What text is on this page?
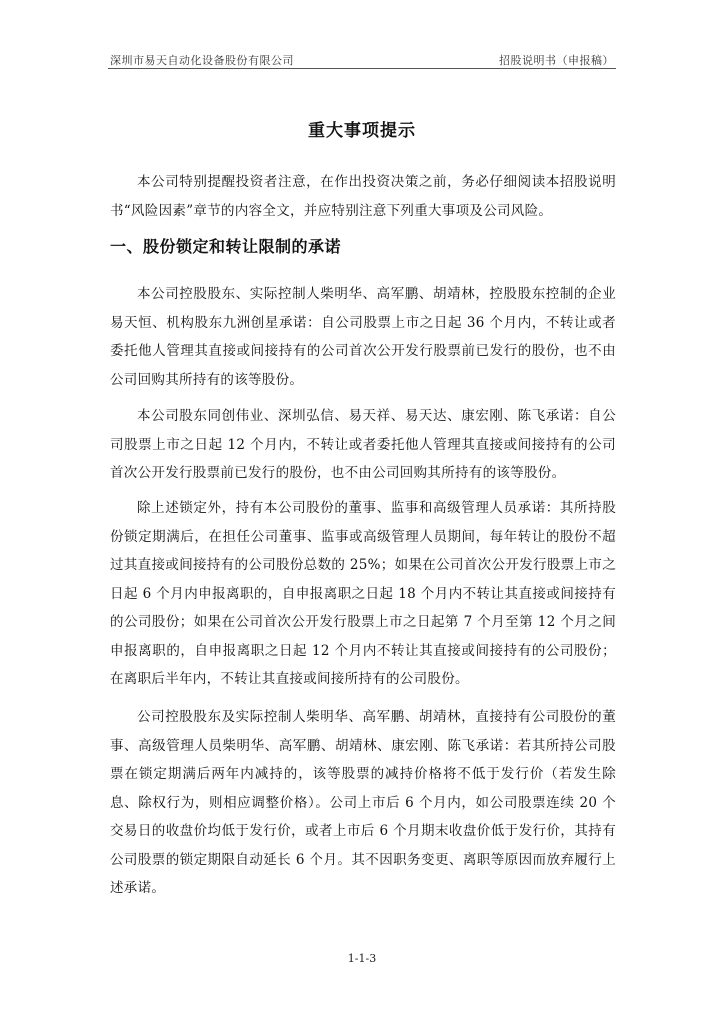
深圳市易天自动化设备股份有限公司	招股说明书（申报稿）
重大事项提示

本公司特别提醒投资者注意，在作出投资决策之前，务必仔细阅读本招股说明书“风险因素”章节的内容全文，并应特别注意下列重大事项及公司风险。

一、股份锁定和转让限制的承诺

本公司控股股东、实际控制人柴明华、高军鹏、胡靖林，控股股东控制的企业易天恒、机构股东九洲创星承诺：自公司股票上市之日起 36 个月内，不转让或者委托他人管理其直接或间接持有的公司首次公开发行股票前已发行的股份，也不由公司回购其所持有的该等股份。

本公司股东同创伟业、深圳弘信、易天祥、易天达、康宏刚、陈飞承诺：自公司股票上市之日起 12 个月内，不转让或者委托他人管理其直接或间接持有的公司首次公开发行股票前已发行的股份，也不由公司回购其所持有的该等股份。

除上述锁定外，持有本公司股份的董事、监事和高级管理人员承诺：其所持股份锁定期满后，在担任公司董事、监事或高级管理人员期间，每年转让的股份不超过其直接或间接持有的公司股份总数的 25%；如果在公司首次公开发行股票上市之日起 6 个月内申报离职的，自申报离职之日起 18 个月内不转让其直接或间接持有的公司股份；如果在公司首次公开发行股票上市之日起第 7 个月至第 12 个月之间申报离职的，自申报离职之日起 12 个月内不转让其直接或间接持有的公司股份；在离职后半年内，不转让其直接或间接所持有的公司股份。

公司控股股东及实际控制人柴明华、高军鹏、胡靖林，直接持有公司股份的董事、高级管理人员柴明华、高军鹏、胡靖林、康宏刚、陈飞承诺：若其所持公司股票在锁定期满后两年内减持的，该等股票的减持价格将不低于发行价（若发生除息、除权行为，则相应调整价格）。公司上市后 6 个月内，如公司股票连续 20 个交易日的收盘价均低于发行价，或者上市后 6 个月期末收盘价低于发行价，其持有公司股票的锁定期限自动延长 6 个月。其不因职务变更、离职等原因而放弃履行上述承诺。

1-1-3
